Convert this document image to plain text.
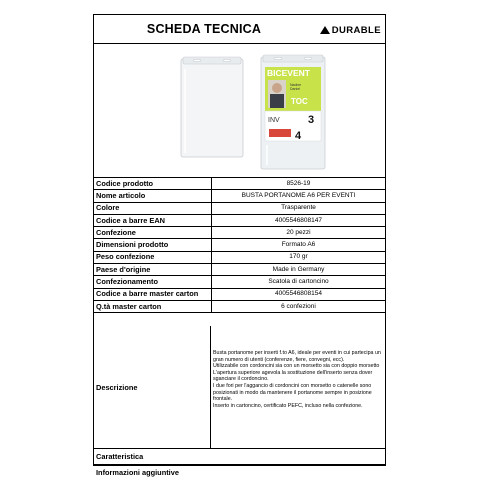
SCHEDA TECNICA	DURABLE
BICEVENT
Nadine
Daniel
TOC
INV	3
4
Codice prodotto	8526-19
Nome articolo	BUSTA PORTANOME A6 PER EVENTI
Colore	Trasparente
Codice a barre EAN	4005546808147
Confezione	20 pezzi
Dimensioni prodotto	Formato A6
Peso confezione	170 gr
Paese d'origine	Made in Germany
Confezionamento	Scatola di cartoncino
Codice a barre master carton	4005546808154
Q.tà master carton	6 confezioni
Descrizione
Busta portanome per inserti f.to A6, ideale per eventi in cui partecipa un
gran numero di utenti (conferenze, fiere, convegni, ecc).
Utilizzabile con cordoncini sia con un morsetto sia con doppio morsetto
L'apertura superiore agevola la sostituzione dell'inserto senza dover
sganciare il cordoncino.
I due fori per l'aggancio di cordoncini con morsetto o catenelle sono
posizionati in modo da mantenere il portanome sempre in posizione
frontale.
Inserto in cartoncino, certificato PEFC, incluso nella confezione.
Caratteristica
Informazioni aggiuntive
